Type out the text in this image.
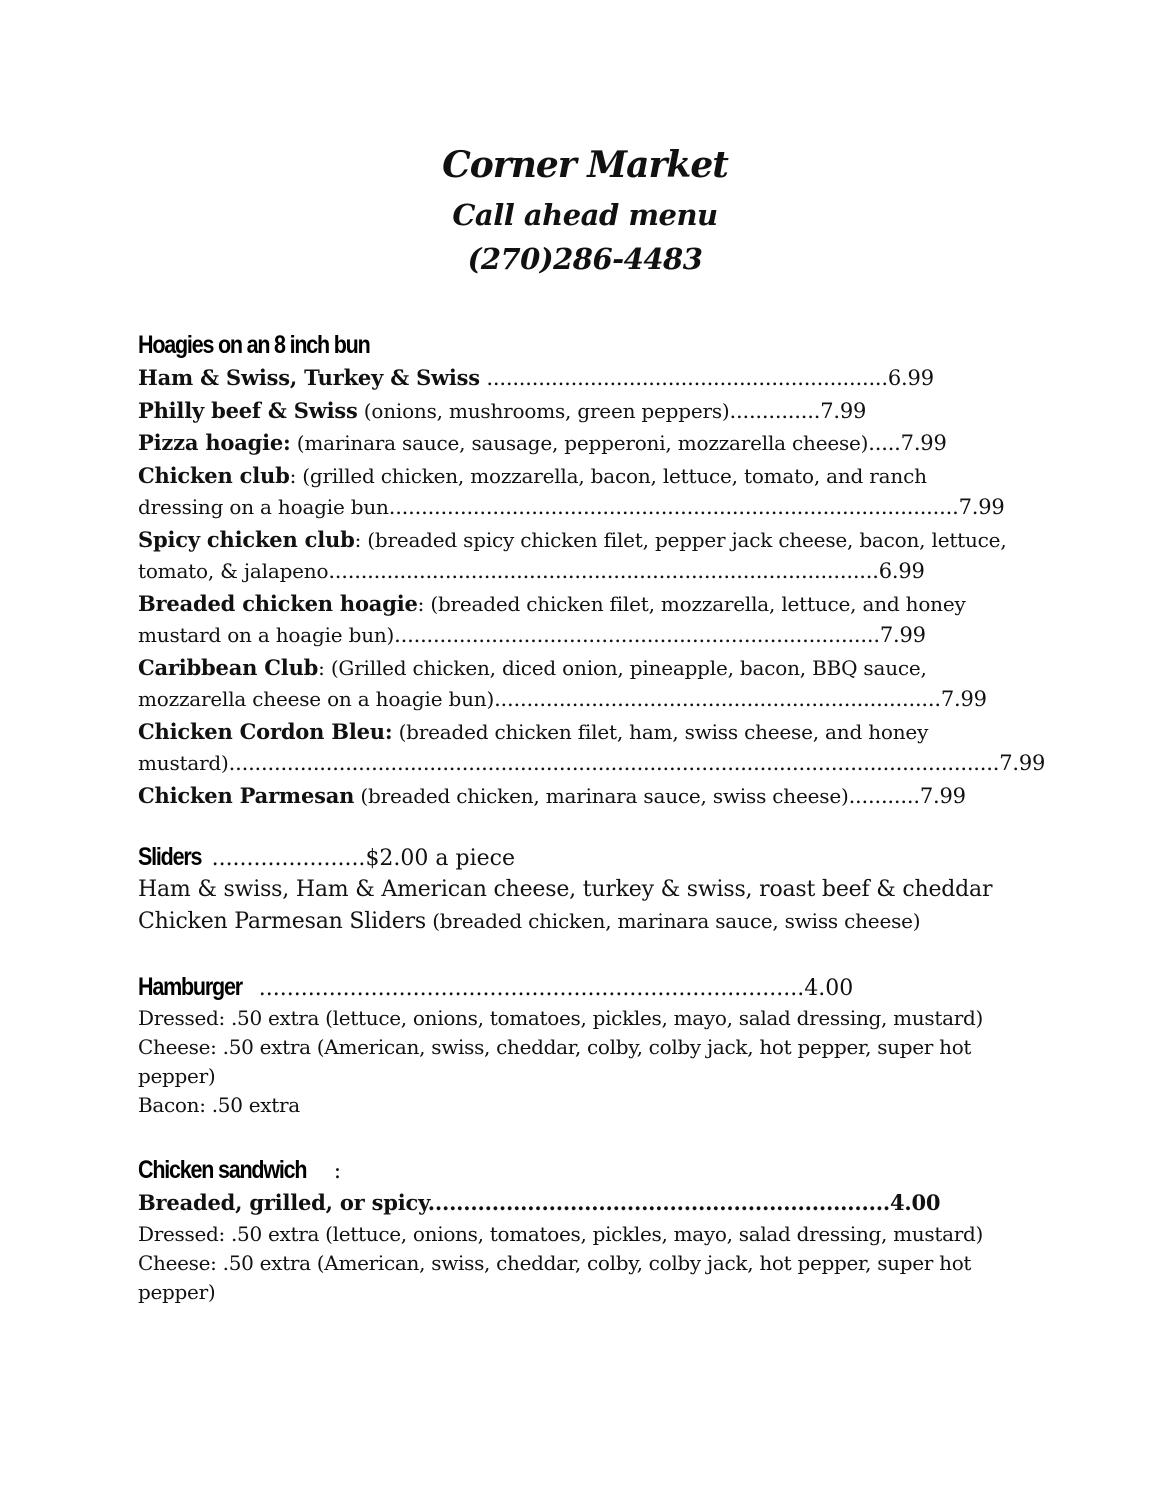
Corner Market
Call ahead menu
(270)286-4483
Hoagies on an 8 inch bun
Ham & Swiss, Turkey & Swiss ..............................................................6.99
Philly beef & Swiss (onions, mushrooms, green peppers)..............7.99
Pizza hoagie: (marinara sauce, sausage, pepperoni, mozzarella cheese).....7.99
Chicken club: (grilled chicken, mozzarella, bacon, lettuce, tomato, and ranch
dressing on a hoagie bun........................................................................................7.99
Spicy chicken club: (breaded spicy chicken filet, pepper jack cheese, bacon, lettuce,
tomato, & jalapeno.....................................................................................6.99
Breaded chicken hoagie: (breaded chicken filet, mozzarella, lettuce, and honey
mustard on a hoagie bun)...........................................................................7.99
Caribbean Club: (Grilled chicken, diced onion, pineapple, bacon, BBQ sauce,
mozzarella cheese on a hoagie bun).....................................................................7.99
Chicken Cordon Bleu: (breaded chicken filet, ham, swiss cheese, and honey
mustard).......................................................................................................................7.99
Chicken Parmesan (breaded chicken, marinara sauce, swiss cheese)...........7.99
Sliders ......................$2.00 a piece
Ham & swiss, Ham & American cheese, turkey & swiss, roast beef & cheddar
Chicken Parmesan Sliders (breaded chicken, marinara sauce, swiss cheese)
Hamburger ..............................................................................4.00
Dressed: .50 extra (lettuce, onions, tomatoes, pickles, mayo, salad dressing, mustard)
Cheese: .50 extra (American, swiss, cheddar, colby, colby jack, hot pepper, super hot
pepper)
Bacon: .50 extra
Chicken sandwich :
Breaded, grilled, or spicy.................................................................4.00
Dressed: .50 extra (lettuce, onions, tomatoes, pickles, mayo, salad dressing, mustard)
Cheese: .50 extra (American, swiss, cheddar, colby, colby jack, hot pepper, super hot
pepper)
